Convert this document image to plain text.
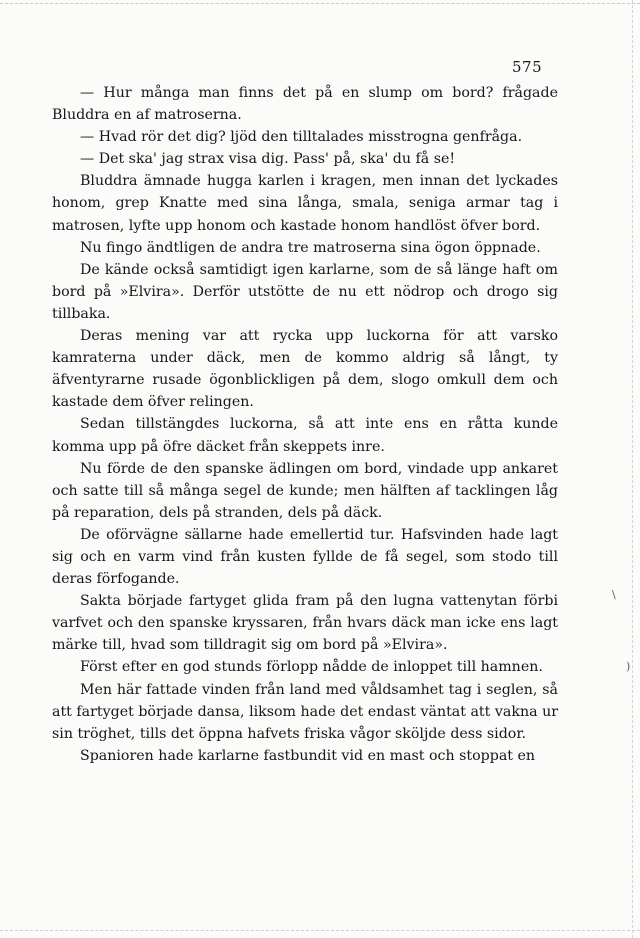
575

— Hur många man finns det på en slump om bord? frågade Bluddra en af matroserna.

— Hvad rör det dig? ljöd den tilltalades misstrogna genfråga.

— Det ska' jag strax visa dig. Pass' på, ska' du få se!

Bluddra ämnade hugga karlen i kragen, men innan det lyckades honom, grep Knatte med sina långa, smala, seniga armar tag i matrosen, lyfte upp honom och kastade honom handlöst öfver bord.

Nu fingo ändtligen de andra tre matroserna sina ögon öppnade.

De kände också samtidigt igen karlarne, som de så länge haft om bord på »Elvira». Derför utstötte de nu ett nödrop och drogo sig tillbaka.

Deras mening var att rycka upp luckorna för att varsko kamraterna under däck, men de kommo aldrig så långt, ty äfventyrarne rusade ögonblickligen på dem, slogo omkull dem och kastade dem öfver relingen.

Sedan tillstängdes luckorna, så att inte ens en råtta kunde komma upp på öfre däcket från skeppets inre.

Nu förde de den spanske ädlingen om bord, vindade upp ankaret och satte till så många segel de kunde; men hälften af tacklingen låg på reparation, dels på stranden, dels på däck.

De oförvägne sällarne hade emellertid tur. Hafsvinden hade lagt sig och en varm vind från kusten fyllde de få segel, som stodo till deras förfogande.

Sakta började fartyget glida fram på den lugna vattenytan förbi varfvet och den spanske kryssaren, från hvars däck man icke ens lagt märke till, hvad som tilldragit sig om bord på »Elvira».

Först efter en god stunds förlopp nådde de inloppet till hamnen.

Men här fattade vinden från land med våldsamhet tag i seglen, så att fartyget började dansa, liksom hade det endast väntat att vakna ur sin tröghet, tills det öppna hafvets friska vågor sköljde dess sidor.

Spanioren hade karlarne fastbundit vid en mast och stoppat en

\
)
